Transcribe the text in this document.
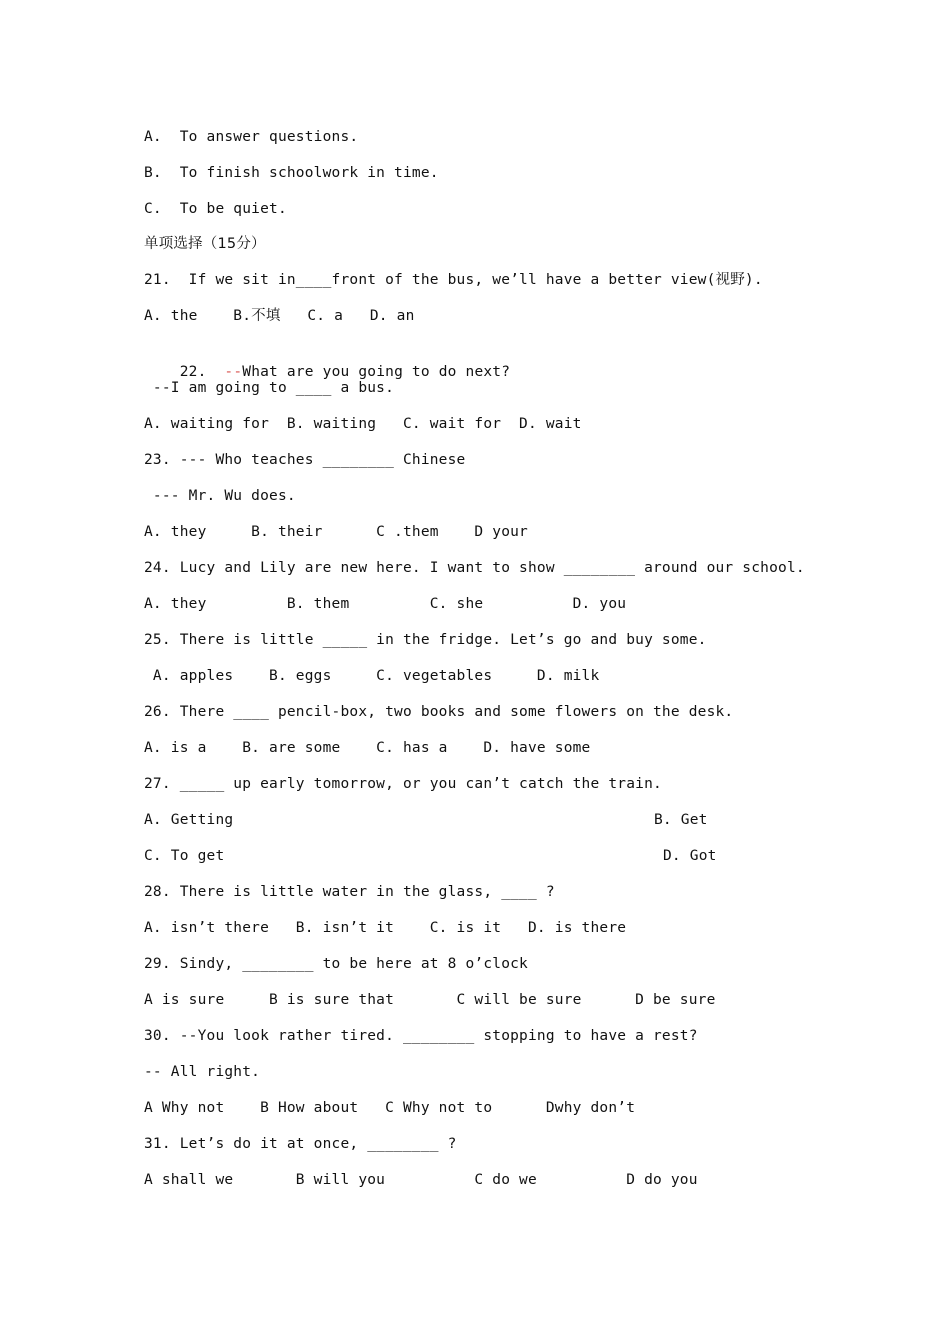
A.  To answer questions.
B.  To finish schoolwork in time.
C.  To be quiet.
单项选择（15分）
21.  If we sit in____front of the bus, we’ll have a better view(视野).
A. the    B.不填   C. a   D. an

22.  --What are you going to do next?

--I am going to ____ a bus.
A. waiting for  B. waiting   C. wait for  D. wait
23. --- Who teaches ________ Chinese
--- Mr. Wu does.
A. they     B. their      C .them    D your
24. Lucy and Lily are new here. I want to show ________ around our school.
A. they         B. them         C. she          D. you
25. There is little _____ in the fridge. Let’s go and buy some.
A. apples    B. eggs     C. vegetables     D. milk
26. There ____ pencil-box, two books and some flowers on the desk.
A. is a    B. are some    C. has a    D. have some
27. _____ up early tomorrow, or you can’t catch the train.

A. Getting

	B. Get

C. To get

	D. Got

28. There is little water in the glass, ____ ?
A. isn’t there   B. isn’t it    C. is it   D. is there
29. Sindy, ________ to be here at 8 o’clock
A is sure     B is sure that       C will be sure      D be sure
30. --You look rather tired. ________ stopping to have a rest?
-- All right.
A Why not    B How about   C Why not to      Dwhy don’t
31. Let’s do it at once, ________ ?
A shall we       B will you          C do we          D do you
